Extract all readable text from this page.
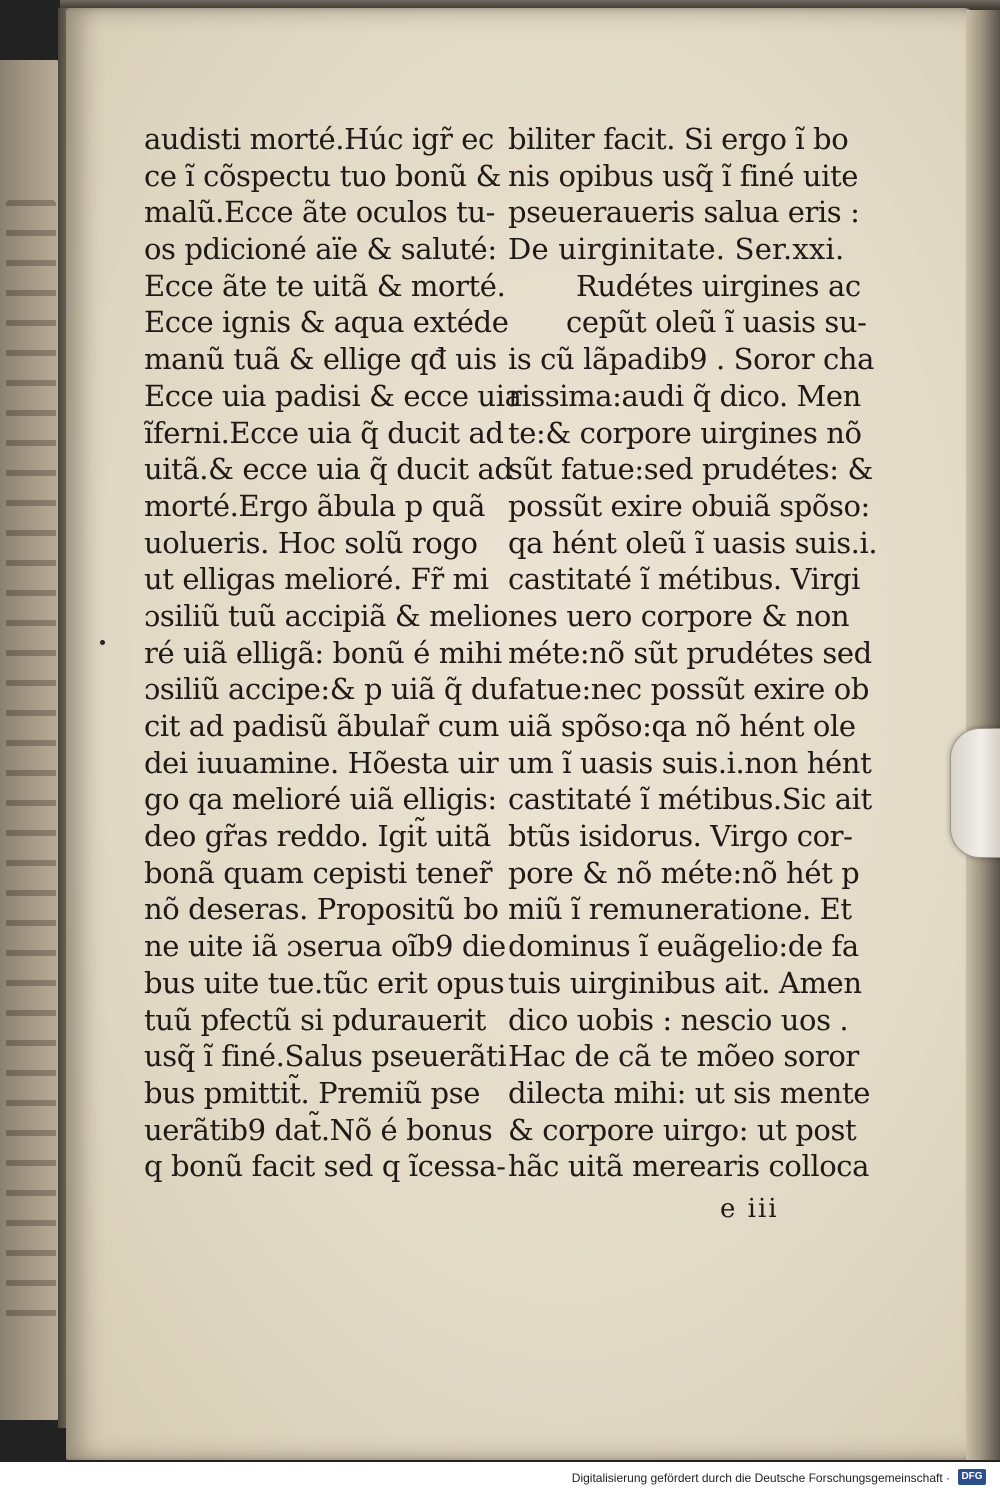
audisti morté.Húc igr̃ ec
ce ĩ cõspectu tuo bonũ &
malũ.Ecce ãte oculos tu-
os pdicioné aïe & saluté:
Ecce ãte te uitã & morté.
Ecce ignis & aqua extéde
manũ tuã & ellige qđ uis
Ecce uia padisi & ecce uia
ĩferni.Ecce uia q̃ ducit ad
uitã.& ecce uia q̃ ducit ad
morté.Ergo ãbula p quã
uolueris. Hoc solũ rogo
ut elligas melioré. Fr̃ mi
ɔsiliũ tuũ accipiã & melio
ré uiã elligã: bonũ é mihi
ɔsiliũ accipe:& p uiã q̃ du
cit ad padisũ ãbular̃ cum
dei iuuamine. Hõesta uir
go qa melioré uiã elligis:
deo gr̃as reddo. Igit̃ uitã
bonã quam cepisti tener̃
nõ deseras. Propositũ bo
ne uite iã ɔserua oĩb9 die
bus uite tue.tũc erit opus
tuũ pfectũ si pdurauerit
usq̃ ĩ finé.Salus pseuerãti
bus pmittit̃. Premiũ pse
uerãtib9 dat̃.Nõ é bonus
q bonũ facit sed q ĩcessa-
biliter facit. Si ergo ĩ bo
nis opibus usq̃ ĩ finé uite
pseueraueris salua eris :
De uirginitate. Ser.xxi.
Rudétes uirgines ac
cepũt oleũ ĩ uasis su-
is cũ lãpadib9 . Soror cha
rissima:audi q̃ dico. Men
te:& corpore uirgines nõ
sũt fatue:sed prudétes: &
possũt exire obuiã spõso:
qa hént oleũ ĩ uasis suis.i.
castitaté ĩ métibus. Virgi
nes uero corpore & non
méte:nõ sũt prudétes sed
fatue:nec possũt exire ob
uiã spõso:qa nõ hént ole
um ĩ uasis suis.i.non hént
castitaté ĩ métibus.Sic ait
btũs isidorus. Virgo cor-
pore & nõ méte:nõ hét p
miũ ĩ remuneratione. Et
dominus ĩ euãgelio:de fa
tuis uirginibus ait. Amen
dico uobis : nescio uos .
Hac de cã te mõeo soror
dilecta mihi: ut sis mente
& corpore uirgo: ut post
hãc uitã merearis colloca
e iii
Digitalisierung gefördert durch die Deutsche Forschungsgemeinschaft ·	DFG
